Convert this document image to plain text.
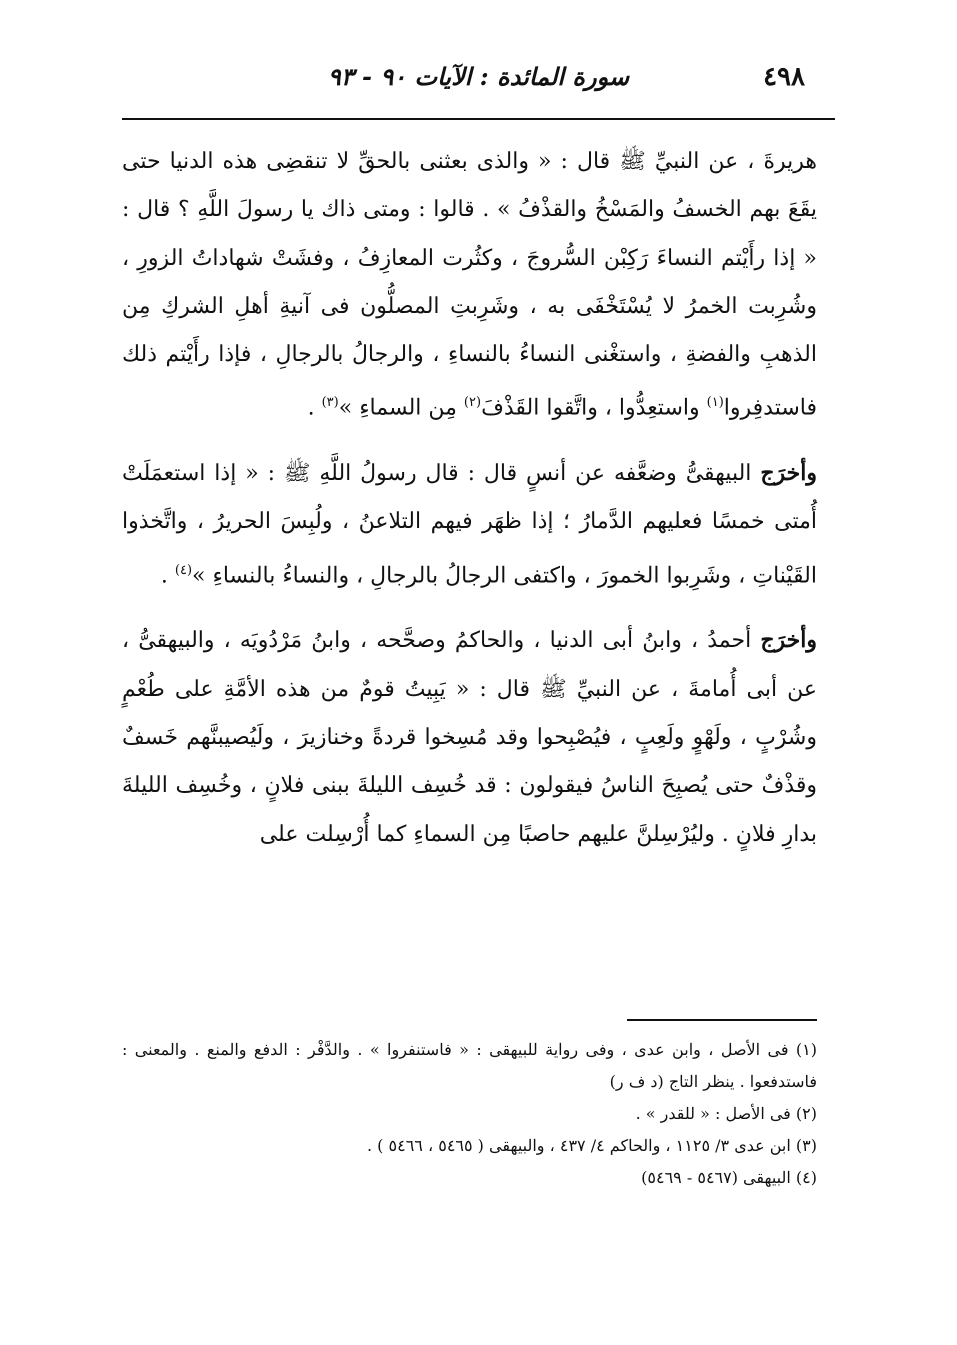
٤٩٨
سورة المائدة : الآيات ٩٠ - ٩٣

هريرةَ ، عن النبيِّ ﷺ قال : « والذى بعثنى بالحقِّ لا تنقضِى هذه الدنيا حتى يقَعَ بهم الخسفُ والمَسْخُ والقذْفُ » . قالوا : ومتى ذاك يا رسولَ اللَّهِ ؟ قال : « إذا رأَيْتم النساءَ رَكِبْن السُّروجَ ، وكثُرت المعازِفُ ، وفشَتْ شهاداتُ الزورِ ، وشُرِبت الخمرُ لا يُسْتَخْفَى به ، وشَرِبتِ المصلُّون فى آنيةِ أهلِ الشركِ مِن الذهبِ والفضةِ ، واستغْنى النساءُ بالنساءِ ، والرجالُ بالرجالِ ، فإذا رأَيْتم ذلك فاستدفِروا$^{(١)}$ واستعِدُّوا ، واتَّقوا القَذْفَ$^{(٢)}$ مِن السماءِ »$^{(٣)}$ .

وأخرَج البيهقىُّ وضعَّفه عن أنسٍ قال : قال رسولُ اللَّهِ ﷺ : « إذا استعمَلَتْ أُمتى خمسًا فعليهم الدَّمارُ ؛ إذا ظهَر فيهم التلاعنُ ، ولُبِسَ الحريرُ ، واتَّخذوا القَيْناتِ ، وشَرِبوا الخمورَ ، واكتفى الرجالُ بالرجالِ ، والنساءُ بالنساءِ »$^{(٤)}$ .

وأخرَج أحمدُ ، وابنُ أبى الدنيا ، والحاكمُ وصحَّحه ، وابنُ مَرْدُويَه ، والبيهقىُّ ، عن أبى أُمامةَ ، عن النبيِّ ﷺ قال : « يَبِيتُ قومٌ من هذه الأمَّةِ على طُعْمٍ وشُرْبٍ ، ولَهْوٍ ولَعِبٍ ، فيُصْبِحوا وقد مُسِخوا قردةً وخنازيرَ ، ولَيُصيبنَّهم خَسفٌ وقذْفٌ حتى يُصبِحَ الناسُ فيقولون : قد خُسِف الليلةَ ببنى فلانٍ ، وخُسِف الليلةَ بدارِ فلانٍ . وليُرْسِلنَّ عليهم حاصبًا مِن السماءِ كما أُرْسِلت على

(١) فى الأصل ، وابن عدى ، وفى رواية للبيهقى : « فاستنفروا » . والدَّفْر : الدفع والمنع . والمعنى : فاستدفعوا . ينظر التاج (د ف ر)

(٢) فى الأصل : « للقدر » .

(٣) ابن عدى ٣/ ١١٢٥ ، والحاكم ٤/ ٤٣٧ ، والبيهقى ( ٥٤٦٥ ، ٥٤٦٦ ) .

(٤) البيهقى (٥٤٦٧ - ٥٤٦٩)
